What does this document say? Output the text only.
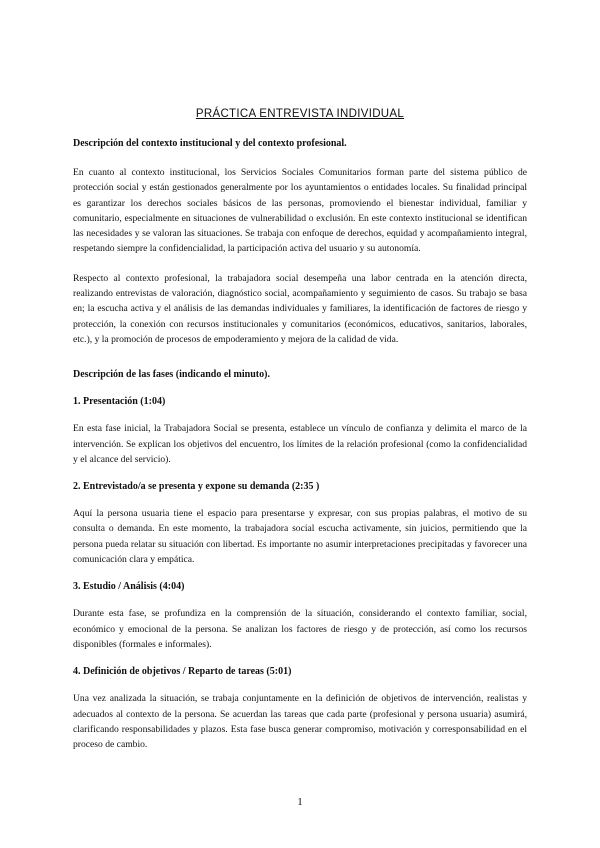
PRÁCTICA ENTREVISTA INDIVIDUAL
Descripción del contexto institucional y del contexto profesional.

En cuanto al contexto institucional, los Servicios Sociales Comunitarios forman parte del sistema público de protección social y están gestionados generalmente por los ayuntamientos o entidades locales. Su finalidad principal es garantizar los derechos sociales básicos de las personas, promoviendo el bienestar individual, familiar y comunitario, especialmente en situaciones de vulnerabilidad o exclusión. En este contexto institucional se identifican las necesidades y se valoran las situaciones. Se trabaja con enfoque de derechos, equidad y acompañamiento integral, respetando siempre la confidencialidad, la participación activa del usuario y su autonomía.

Respecto al contexto profesional, la trabajadora social desempeña una labor centrada en la atención directa, realizando entrevistas de valoración, diagnóstico social, acompañamiento y seguimiento de casos. Su trabajo se basa en; la escucha activa y el análisis de las demandas individuales y familiares, la identificación de factores de riesgo y protección, la conexión con recursos institucionales y comunitarios (económicos, educativos, sanitarios, laborales, etc.), y la promoción de procesos de empoderamiento y mejora de la calidad de vida.

Descripción de las fases (indicando el minuto).
1. Presentación (1:04)

En esta fase inicial, la Trabajadora Social se presenta, establece un vínculo de confianza y delimita el marco de la intervención. Se explican los objetivos del encuentro, los límites de la relación profesional (como la confidencialidad y el alcance del servicio).

2. Entrevistado/a se presenta y expone su demanda (2:35 )

Aquí la persona usuaria tiene el espacio para presentarse y expresar, con sus propias palabras, el motivo de su consulta o demanda. En este momento, la trabajadora social escucha activamente, sin juicios, permitiendo que la persona pueda relatar su situación con libertad. Es importante no asumir interpretaciones precipitadas y favorecer una comunicación clara y empática.

3. Estudio / Análisis (4:04)

Durante esta fase, se profundiza en la comprensión de la situación, considerando el contexto familiar, social, económico y emocional de la persona. Se analizan los factores de riesgo y de protección, así como los recursos disponibles (formales e informales).

4. Definición de objetivos / Reparto de tareas (5:01)

Una vez analizada la situación, se trabaja conjuntamente en la definición de objetivos de intervención, realistas y adecuados al contexto de la persona. Se acuerdan las tareas que cada parte (profesional y persona usuaria) asumirá, clarificando responsabilidades y plazos. Esta fase busca generar compromiso, motivación y corresponsabilidad en el proceso de cambio.

1
